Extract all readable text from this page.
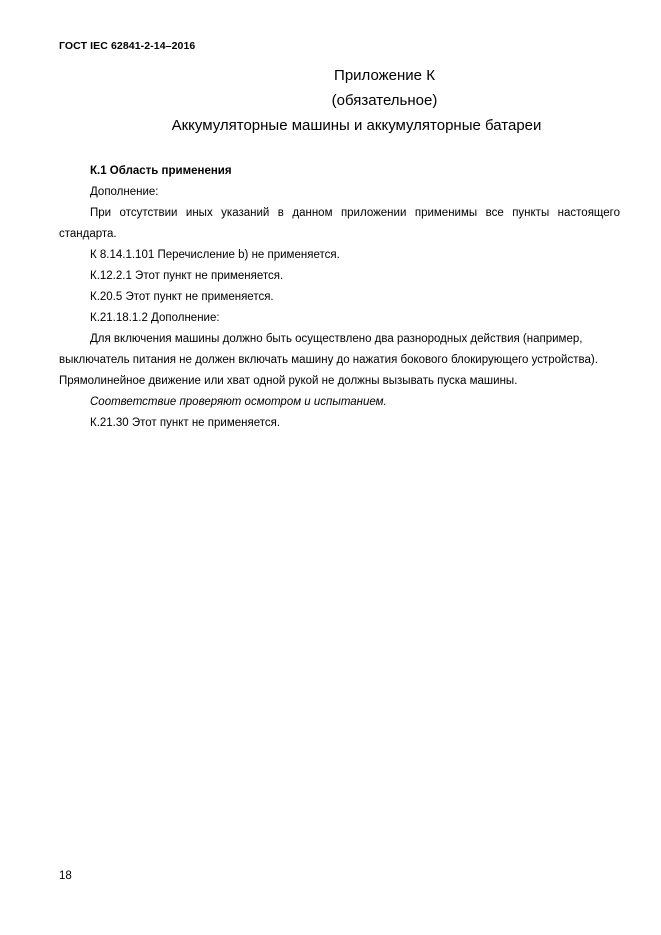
ГОСТ IEC 62841-2-14–2016
Приложение К
(обязательное)
Аккумуляторные машины и аккумуляторные батареи

К.1 Область применения

Дополнение:

При отсутствии иных указаний в данном приложении применимы все пункты настоящего стандарта.

К 8.14.1.101 Перечисление b) не применяется.

К.12.2.1 Этот пункт не применяется.

К.20.5 Этот пункт не применяется.

К.21.18.1.2 Дополнение:

Для включения машины должно быть осуществлено два разнородных действия (например, выключатель питания не должен включать машину до нажатия бокового блокирующего устройства). Прямолинейное движение или хват одной рукой не должны вызывать пуска машины.

Соответствие проверяют осмотром и испытанием.

К.21.30 Этот пункт не применяется.

18
